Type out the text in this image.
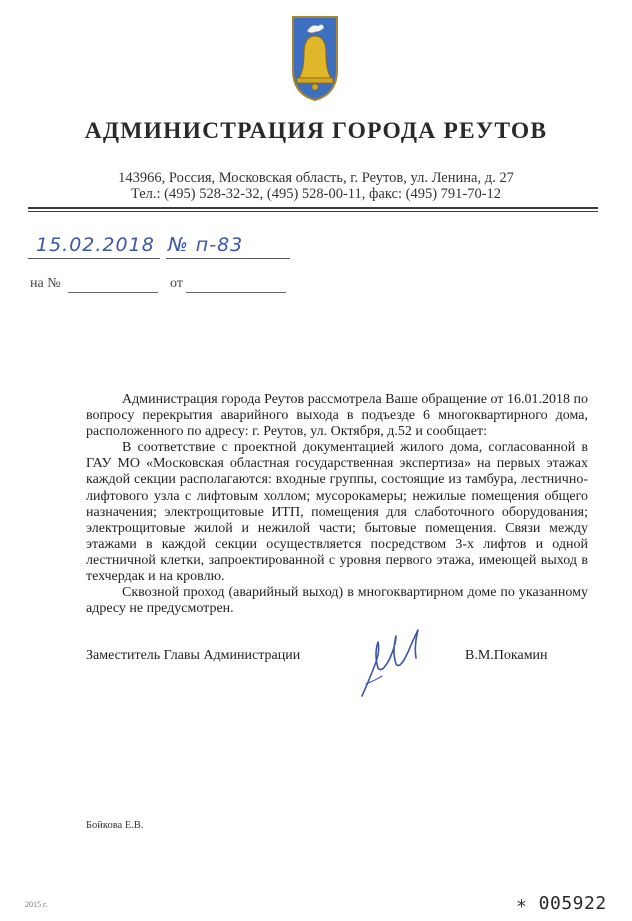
АДМИНИСТРАЦИЯ ГОРОДА РЕУТОВ
143966, Россия, Московская область, г. Реутов, ул. Ленина, д. 27
Тел.: (495) 528-32-32, (495) 528-00-11, факс: (495) 791-70-12
15.02.2018 № п-83
на №	от

Администрация города Реутов рассмотрела Ваше обращение от 16.01.2018 по вопросу перекрытия аварийного выхода в подъезде 6 многоквартирного дома, расположенного по адресу: г. Реутов, ул. Октября, д.52 и сообщает:

В соответствие с проектной документацией жилого дома, согласованной в ГАУ МО «Московская областная государственная экспертиза» на первых этажах каждой секции располагаются: входные группы, состоящие из тамбура, лестнично-лифтового узла с лифтовым холлом; мусорокамеры; нежилые помещения общего назначения; электрощитовые ИТП, помещения для слаботочного оборудования; электрощитовые жилой и нежилой части; бытовые помещения. Связи между этажами в каждой секции осуществляется посредством 3-х лифтов и одной лестничной клетки, запроектированной с уровня первого этажа, имеющей выход в техчердак и на кровлю.

Сквозной проход (аварийный выход) в многоквартирном доме по указанному адресу не предусмотрен.

Заместитель Главы Администрации	В.М.Покамин
Бойкова Е.В.
2015 г.	∗ 005922
